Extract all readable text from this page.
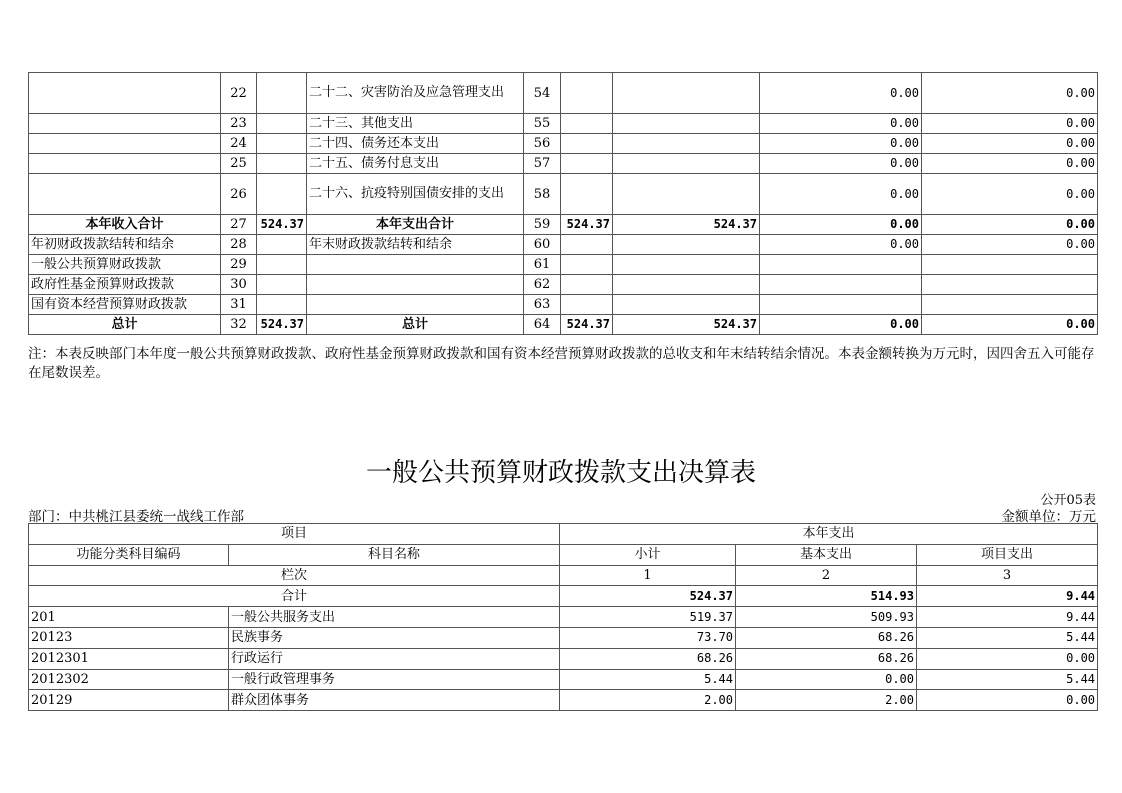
	22		二十二、灾害防治及应急管理支出	54			0.00	0.00
	23		二十三、其他支出	55			0.00	0.00
	24		二十四、债务还本支出	56			0.00	0.00
	25		二十五、债务付息支出	57			0.00	0.00
	26		二十六、抗疫特别国债安排的支出	58			0.00	0.00
本年收入合计	27	524.37	本年支出合计	59	524.37	524.37	0.00	0.00
年初财政拨款结转和结余	28		年末财政拨款结转和结余	60			0.00	0.00
一般公共预算财政拨款	29			61				
政府性基金预算财政拨款	30			62				
国有资本经营预算财政拨款	31			63				
总计	32	524.37	总计	64	524.37	524.37	0.00	0.00
注：本表反映部门本年度一般公共预算财政拨款、政府性基金预算财政拨款和国有资本经营预算财政拨款的总收支和年末结转结余情况。本表金额转换为万元时，因四舍五入可能存在尾数误差。
一般公共预算财政拨款支出决算表
公开05表
部门：中共桃江县委统一战线工作部	金额单位：万元
项目		本年支出		
功能分类科目编码	科目名称	小计	基本支出	项目支出
栏次		1	2	3
合计		524.37	514.93	9.44
201	一般公共服务支出	519.37	509.93	9.44
20123	民族事务	73.70	68.26	5.44
2012301	行政运行	68.26	68.26	0.00
2012302	一般行政管理事务	5.44	0.00	5.44
20129	群众团体事务	2.00	2.00	0.00
